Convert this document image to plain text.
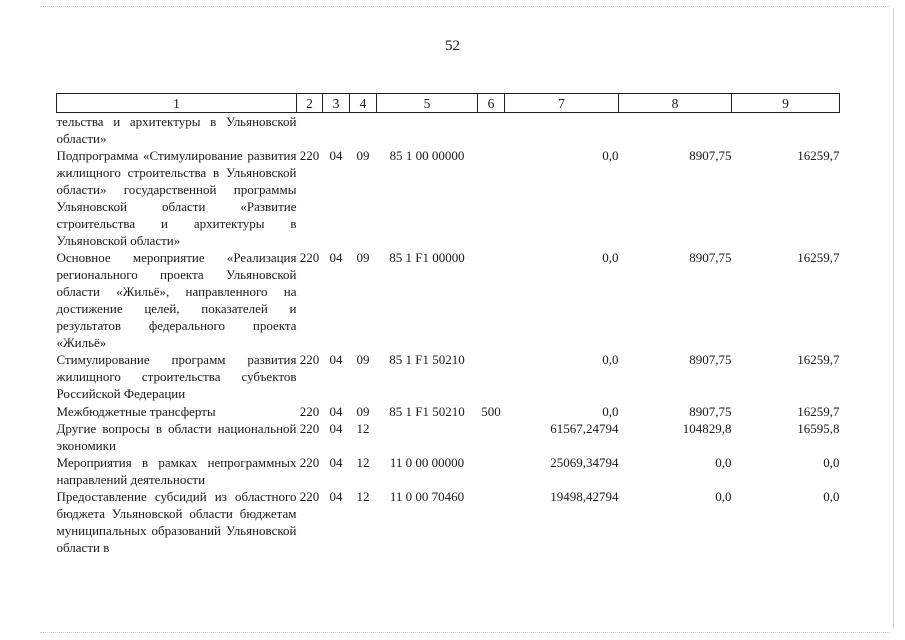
52
1	2	3	4	5	6	7	8	9
тельства и архитектуры в Ульяновской области»								
Подпрограмма «Стимулирование развития жилищного строительства в Ульяновской области» государственной программы Ульяновской области «Развитие строительства и архитектуры в Ульяновской области»	220	04	09	85 1 00 00000		0,0	8907,75	16259,7
Основное мероприятие «Реализация регионального проекта Ульяновской области «Жильё», направленного на достижение целей, показателей и результатов федерального проекта «Жильё»	220	04	09	85 1 F1 00000		0,0	8907,75	16259,7
Стимулирование программ развития жилищного строительства субъектов Российской Федерации	220	04	09	85 1 F1 50210		0,0	8907,75	16259,7
Межбюджетные трансферты	220	04	09	85 1 F1 50210	500	0,0	8907,75	16259,7
Другие вопросы в области национальной экономики	220	04	12			61567,24794	104829,8	16595,8
Мероприятия в рамках непрограммных направлений деятельности	220	04	12	11 0 00 00000		25069,34794	0,0	0,0
Предоставление субсидий из областного бюджета Ульяновской области бюджетам муниципальных образований Ульяновской области в	220	04	12	11 0 00 70460		19498,42794	0,0	0,0
